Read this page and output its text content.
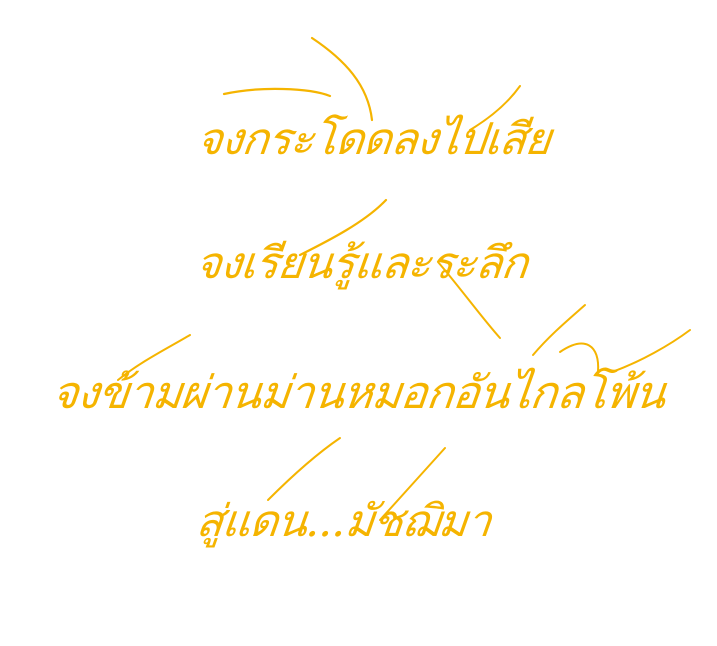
จงกระโดดลงไปเสีย
จงเรียนรู้และระลึก
จงข้ามผ่านม่านหมอกอันไกลโพ้น
สู่แดน...มัชฌิมา
